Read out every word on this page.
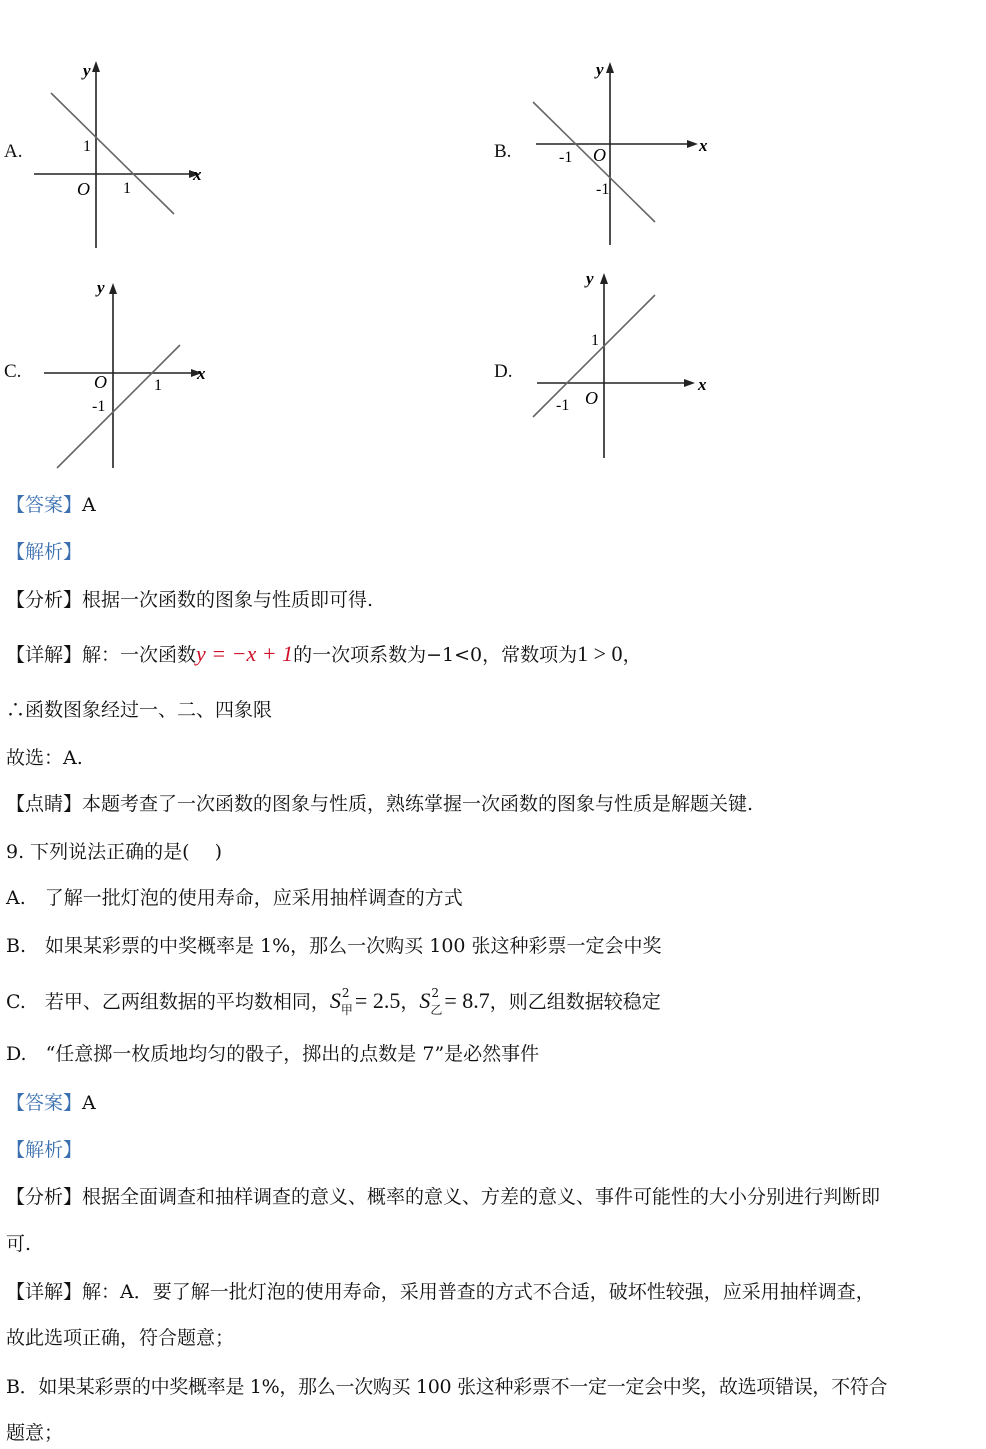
A.	B.
C.	D.
y
x
O 1
1
y
x
O
-1
-1
y
x
O	1
-1
y
x
O
-1
1
【答案】A
【解析】
【分析】根据一次函数的图象与性质即可得.
【详解】解：一次函数y = −x + 1的一次项系数为−1<0，常数项为1 > 0，
∴函数图象经过一、二、四象限
故选：A.
【点睛】本题考查了一次函数的图象与性质，熟练掌握一次函数的图象与性质是解题关键.
9. 下列说法正确的是(　 )
A.　了解一批灯泡的使用寿命，应采用抽样调查的方式
B.　如果某彩票的中奖概率是 1%，那么一次购买 100 张这种彩票一定会中奖
C.　若甲、乙两组数据的平均数相同，S 2
甲 = 2.5，S 2
乙 = 8.7，则乙组数据较稳定
D.　“任意掷一枚质地均匀的骰子，掷出的点数是 7”是必然事件
【答案】A
【解析】
【分析】根据全面调查和抽样调查的意义、概率的意义、方差的意义、事件可能性的大小分别进行判断即
可.
【详解】解：A．要了解一批灯泡的使用寿命，采用普查的方式不合适，破坏性较强，应采用抽样调查，
故此选项正确，符合题意；
B．如果某彩票的中奖概率是 1%，那么一次购买 100 张这种彩票不一定一定会中奖，故选项错误，不符合
题意；
